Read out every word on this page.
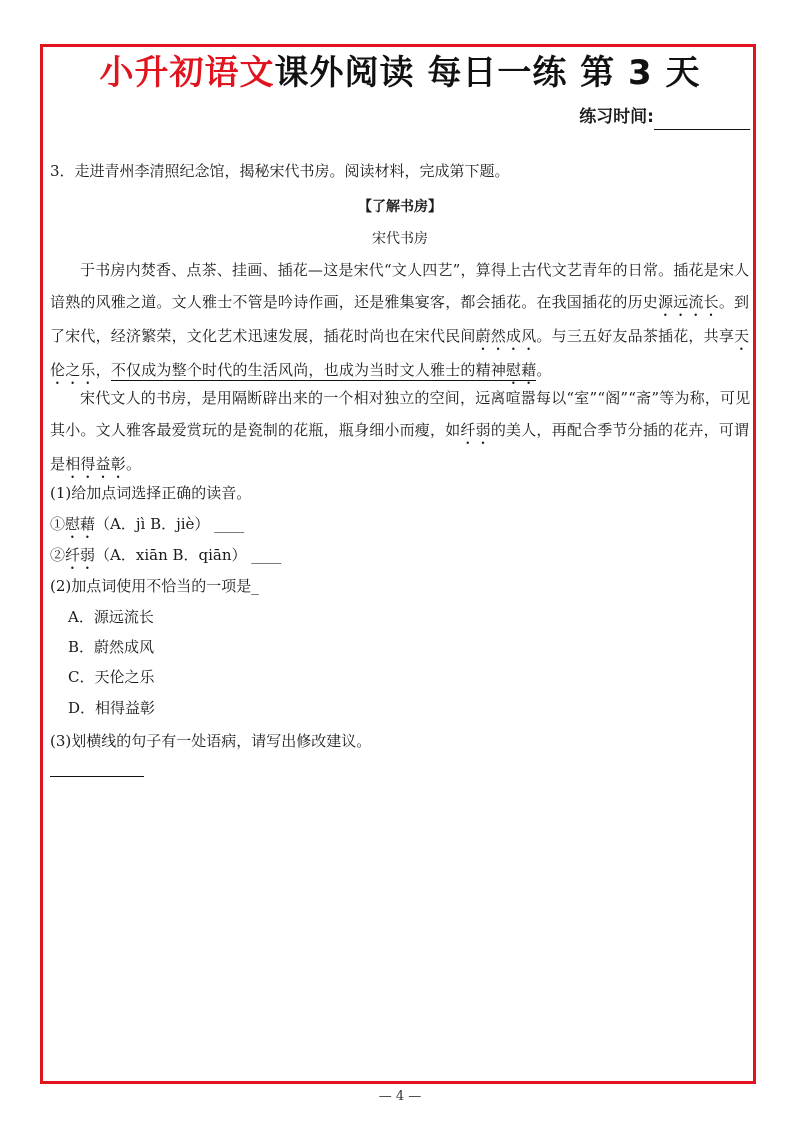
小升初语文课外阅读 每日一练 第 3 天
练习时间:
3．走进青州李清照纪念馆，揭秘宋代书房。阅读材料，完成第下题。
【了解书房】
宋代书房
于书房内焚香、点茶、挂画、插花—这是宋代“文人四艺”，算得上古代文艺青年的日常。插花是宋人谙熟的风雅之道。文人雅士不管是吟诗作画，还是雅集宴客，都会插花。在我国插花的历史源远流长。到了宋代，经济繁荣，文化艺术迅速发展，插花时尚也在宋代民间蔚然成风。与三五好友品茶插花，共享天伦之乐，不仅成为整个时代的生活风尚，也成为当时文人雅士的精神慰藉。
宋代文人的书房，是用隔断辟出来的一个相对独立的空间，远离喧嚣每以“室”“阁”“斋”等为称，可见其小。文人雅客最爱赏玩的是瓷制的花瓶，瓶身细小而瘦，如纤弱的美人，再配合季节分插的花卉，可谓是相得益彰。
(1)给加点词选择正确的读音。
①慰藉（A．jì B．jiè） ____
②纤弱（A．xiān B．qiān） ____
(2)加点词使用不恰当的一项是_
A．源远流长
B．蔚然成风
C．天伦之乐
D．相得益彰
(3)划横线的句子有一处语病，请写出修改建议。
— 4 —
